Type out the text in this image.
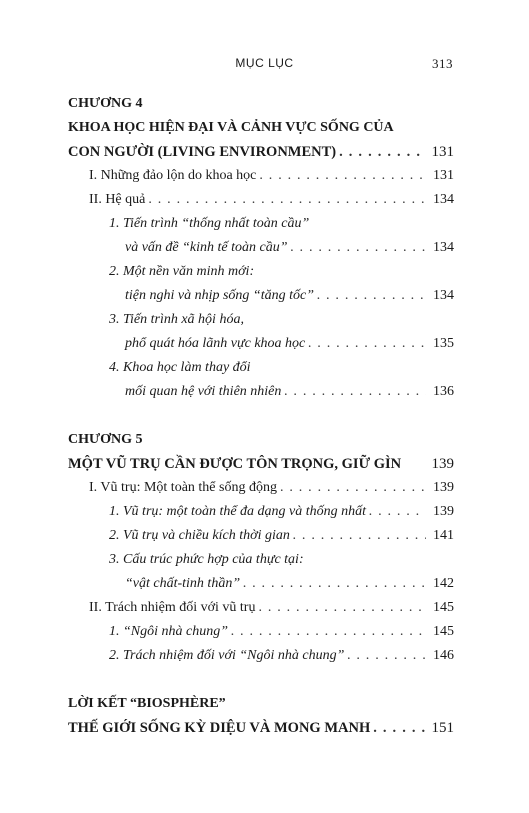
MỤC LỤC	313
CHƯƠNG 4
KHOA HỌC HIỆN ĐẠI VÀ CẢNH VỰC SỐNG CỦA
CON NGƯỜI (LIVING ENVIRONMENT) . . .	131
I. Những đảo lộn do khoa học . . .	131
II. Hệ quả . . .	134
1. Tiến trình “thống nhất toàn cầu”
và vấn đề “kinh tế toàn cầu” . . .	134
2. Một nền văn minh mới:
tiện nghi và nhịp sống “tăng tốc” . . .	134
3. Tiến trình xã hội hóa,
phổ quát hóa lãnh vực khoa học . . .	135
4. Khoa học làm thay đổi
mối quan hệ với thiên nhiên . . .	136
CHƯƠNG 5
MỘT VŨ TRỤ CẦN ĐƯỢC TÔN TRỌNG, GIỮ GÌN 139
I. Vũ trụ: Một toàn thể sống động . . .	139
1. Vũ trụ: một toàn thể đa dạng và thống nhất . . .	139
2. Vũ trụ và chiều kích thời gian . . .	141
3. Cấu trúc phức hợp của thực tại:
“vật chất-tinh thần” . . .	142
II. Trách nhiệm đối với vũ trụ . . .	145
1. “Ngôi nhà chung” . . .	145
2. Trách nhiệm đối với “Ngôi nhà chung” . . .	146
LỜI KẾT “BIOSPHÈRE”
THẾ GIỚI SỐNG KỲ DIỆU VÀ MONG MANH . . .	151
